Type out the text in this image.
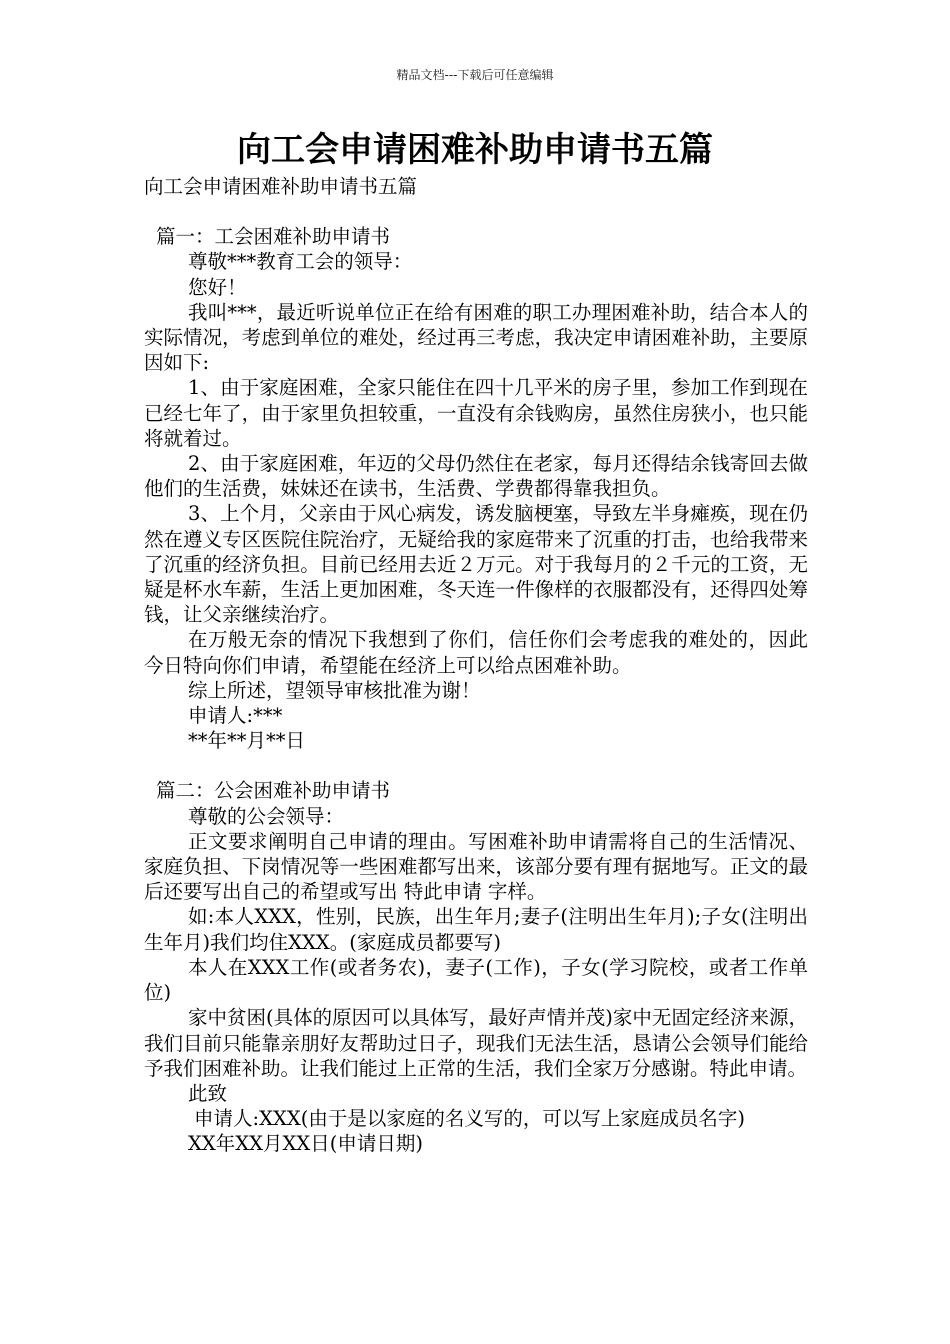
精品文档---下载后可任意编辑
向工会申请困难补助申请书五篇

向工会申请困难补助申请书五篇

篇一：工会困难补助申请书

尊敬***教育工会的领导：

您好！

我叫***，最近听说单位正在给有困难的职工办理困难补助，结合本人的实际情况，考虑到单位的难处，经过再三考虑，我决定申请困难补助，主要原因如下:

1、由于家庭困难，全家只能住在四十几平米的房子里，参加工作到现在已经七年了，由于家里负担较重，一直没有余钱购房，虽然住房狭小，也只能将就着过。

2、由于家庭困难，年迈的父母仍然住在老家，每月还得结余钱寄回去做他们的生活费，妹妹还在读书，生活费、学费都得靠我担负。

3、上个月，父亲由于风心病发，诱发脑梗塞，导致左半身瘫痪，现在仍然在遵义专区医院住院治疗，无疑给我的家庭带来了沉重的打击，也给我带来了沉重的经济负担。目前已经用去近２万元。对于我每月的２千元的工资，无疑是杯水车薪，生活上更加困难，冬天连一件像样的衣服都没有，还得四处筹钱，让父亲继续治疗。

在万般无奈的情况下我想到了你们，信任你们会考虑我的难处的，因此今日特向你们申请，希望能在经济上可以给点困难补助。

综上所述，望领导审核批准为谢！

申请人:***

**年**月**日

篇二：公会困难补助申请书

尊敬的公会领导：

正文要求阐明自己申请的理由。写困难补助申请需将自己的生活情况、家庭负担、下岗情况等一些困难都写出来，该部分要有理有据地写。正文的最后还要写出自己的希望或写出 特此申请 字样。

如:本人XXX，性别，民族，出生年月;妻子(注明出生年月);子女(注明出生年月)我们均住XXX。(家庭成员都要写)

本人在XXX工作(或者务农)，妻子(工作)，子女(学习院校，或者工作单位)

家中贫困(具体的原因可以具体写，最好声情并茂)家中无固定经济来源，我们目前只能靠亲朋好友帮助过日子，现我们无法生活，恳请公会领导们能给予我们困难补助。让我们能过上正常的生活，我们全家万分感谢。特此申请。

此致

申请人:XXX(由于是以家庭的名义写的，可以写上家庭成员名字)

XX年XX月XX日(申请日期)
